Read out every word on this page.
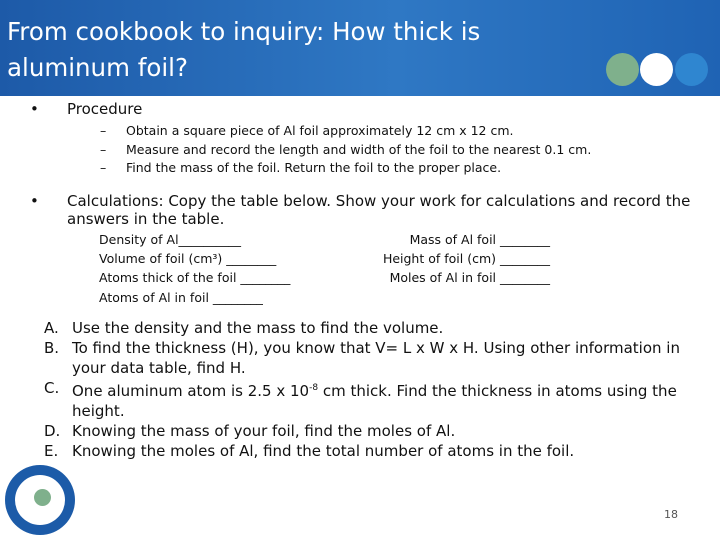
From cookbook to inquiry: How thick is aluminum foil?
• Procedure
– Obtain a square piece of Al foil approximately 12 cm x 12 cm.
– Measure and record the length and width of the foil to the nearest 0.1 cm.
– Find the mass of the foil. Return the foil to the proper place.
• Calculations: Copy the table below. Show your work for calculations and record the
answers in the table.
Density of Al__________
Volume of foil (cm³) ________
Atoms thick of the foil ________
Atoms of Al in foil ________
Mass of Al foil ________
Height of foil (cm) ________
Moles of Al in foil ________
A. Use the density and the mass to find the volume.
B. To find the thickness (H), you know that V= L x W x H. Using other information in your data table, find H.
C. One aluminum atom is 2.5 x $10^{-8}$ cm thick. Find the thickness in atoms using the height.
D. Knowing the mass of your foil, find the moles of Al.
E. Knowing the moles of Al, find the total number of atoms in the foil.
18
